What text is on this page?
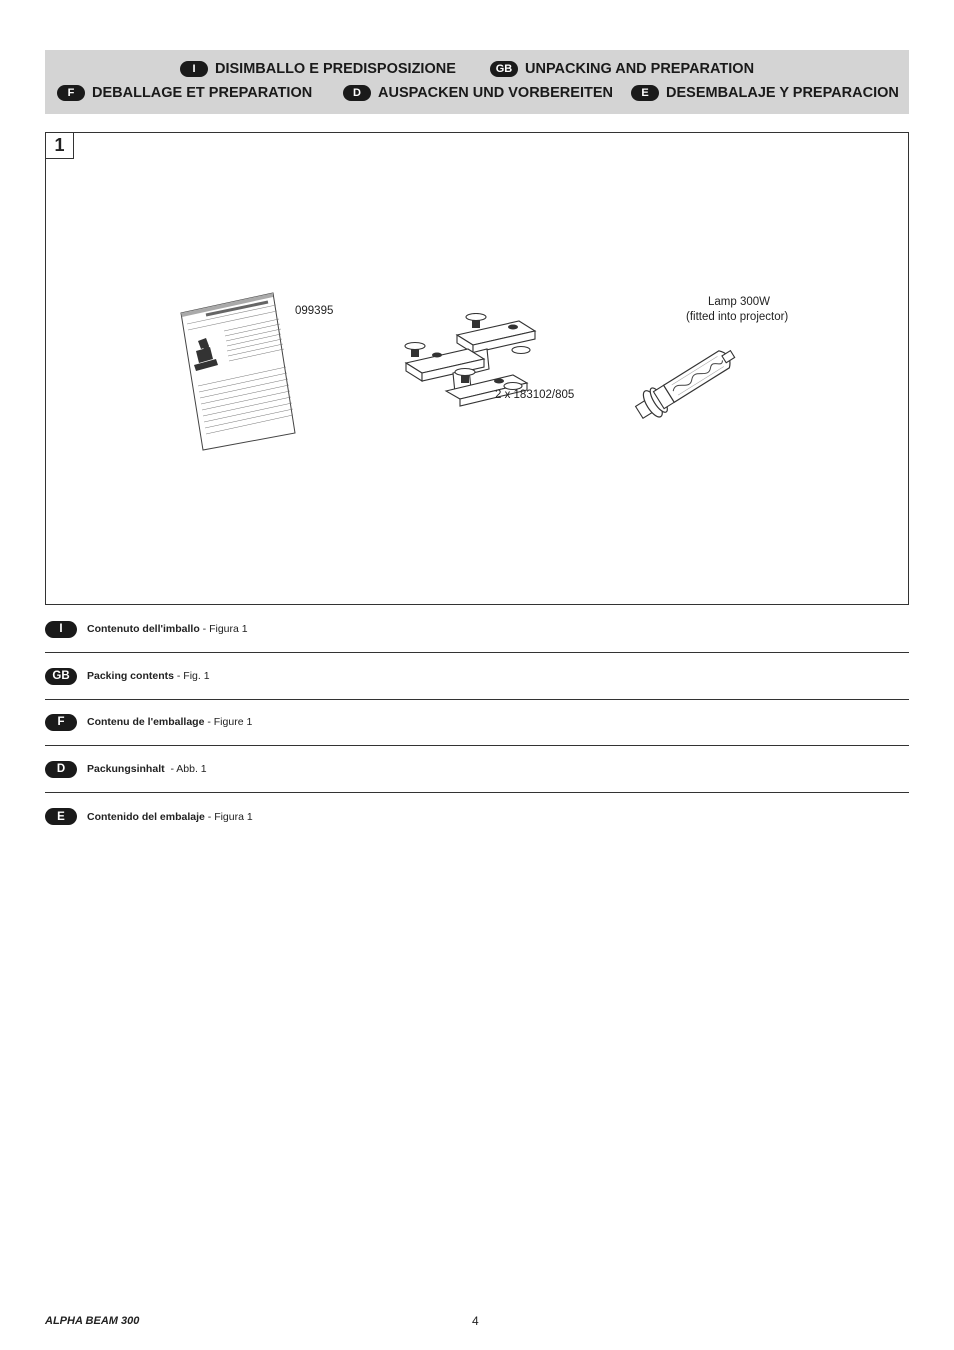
I	DISIMBALLO E PREDISPOSIZIONE	GB UNPACKING AND PREPARATION
F	DEBALLAGE ET PREPARATION	D	AUSPACKEN UND VORBEREITEN	E	DESEMBALAJE Y PREPARACION
1
099395
2 x 183102/805
Lamp 300W
(fitted into projector)
I	Contenuto dell'imballo - Figura 1
GB	Packing contents - Fig. 1
F	Contenu de l'emballage - Figure 1
D	Packungsinhalt  - Abb. 1
E	Contenido del embalaje - Figura 1
ALPHA BEAM 300	4
